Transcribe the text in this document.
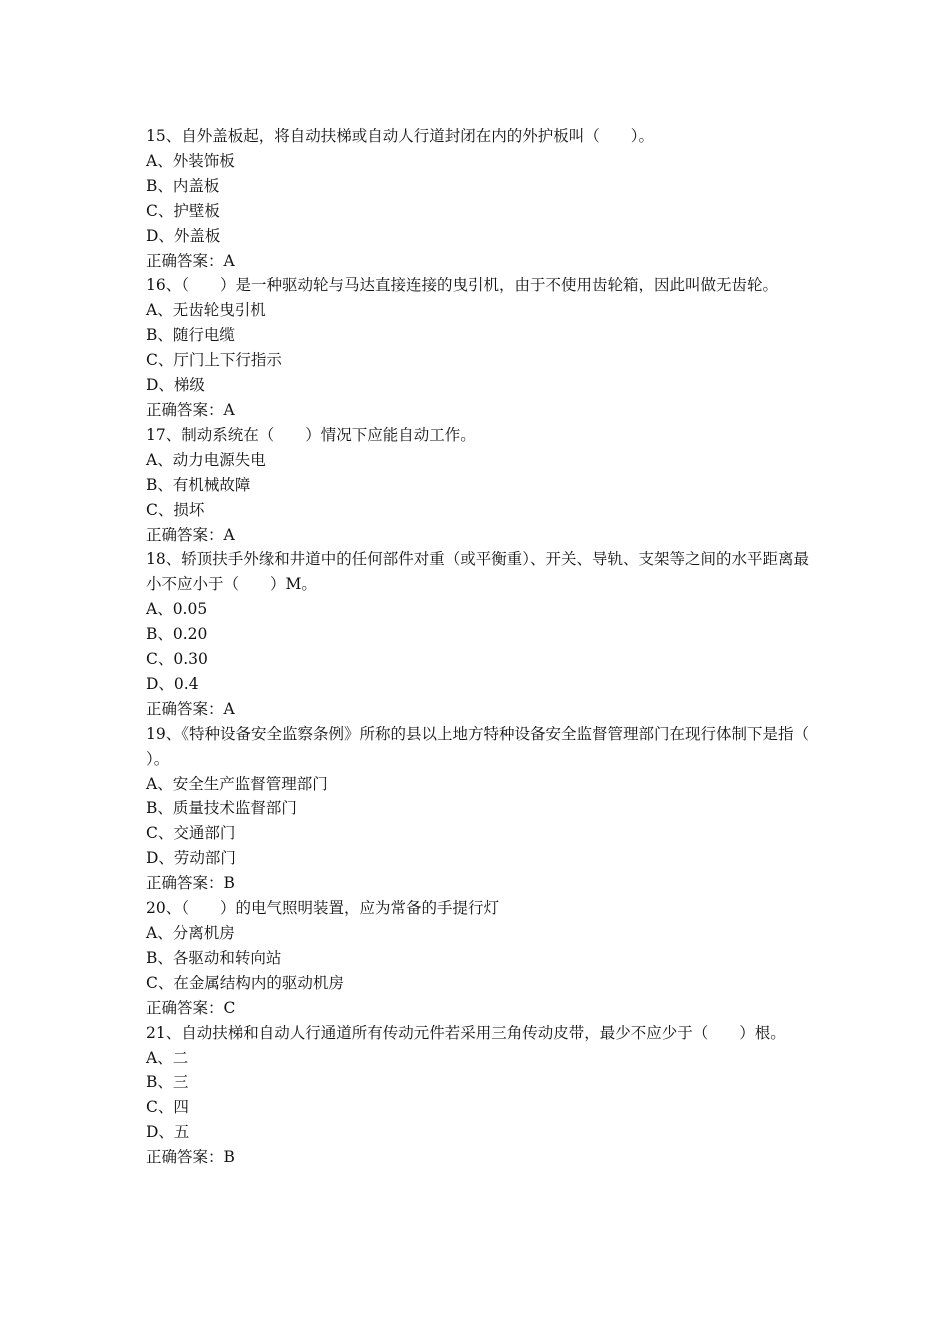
15、自外盖板起，将自动扶梯或自动人行道封闭在内的外护板叫（　　）。
A、外装饰板
B、内盖板
C、护壁板
D、外盖板
正确答案：A
16、（　　）是一种驱动轮与马达直接连接的曳引机，由于不使用齿轮箱，因此叫做无齿轮。
A、无齿轮曳引机
B、随行电缆
C、厅门上下行指示
D、梯级
正确答案：A
17、制动系统在（　　）情况下应能自动工作。
A、动力电源失电
B、有机械故障
C、损坏
正确答案：A
18、轿顶扶手外缘和井道中的任何部件对重（或平衡重）、开关、导轨、支架等之间的水平距离最小不应小于（　　）M。
A、0.05
B、0.20
C、0.30
D、0.4
正确答案：A
19、《特种设备安全监察条例》所称的县以上地方特种设备安全监督管理部门在现行体制下是指（　　）。
A、安全生产监督管理部门
B、质量技术监督部门
C、交通部门
D、劳动部门
正确答案：B
20、（　　）的电气照明装置，应为常备的手提行灯
A、分离机房
B、各驱动和转向站
C、在金属结构内的驱动机房
正确答案：C
21、自动扶梯和自动人行通道所有传动元件若采用三角传动皮带，最少不应少于（　　）根。
A、二
B、三
C、四
D、五
正确答案：B
